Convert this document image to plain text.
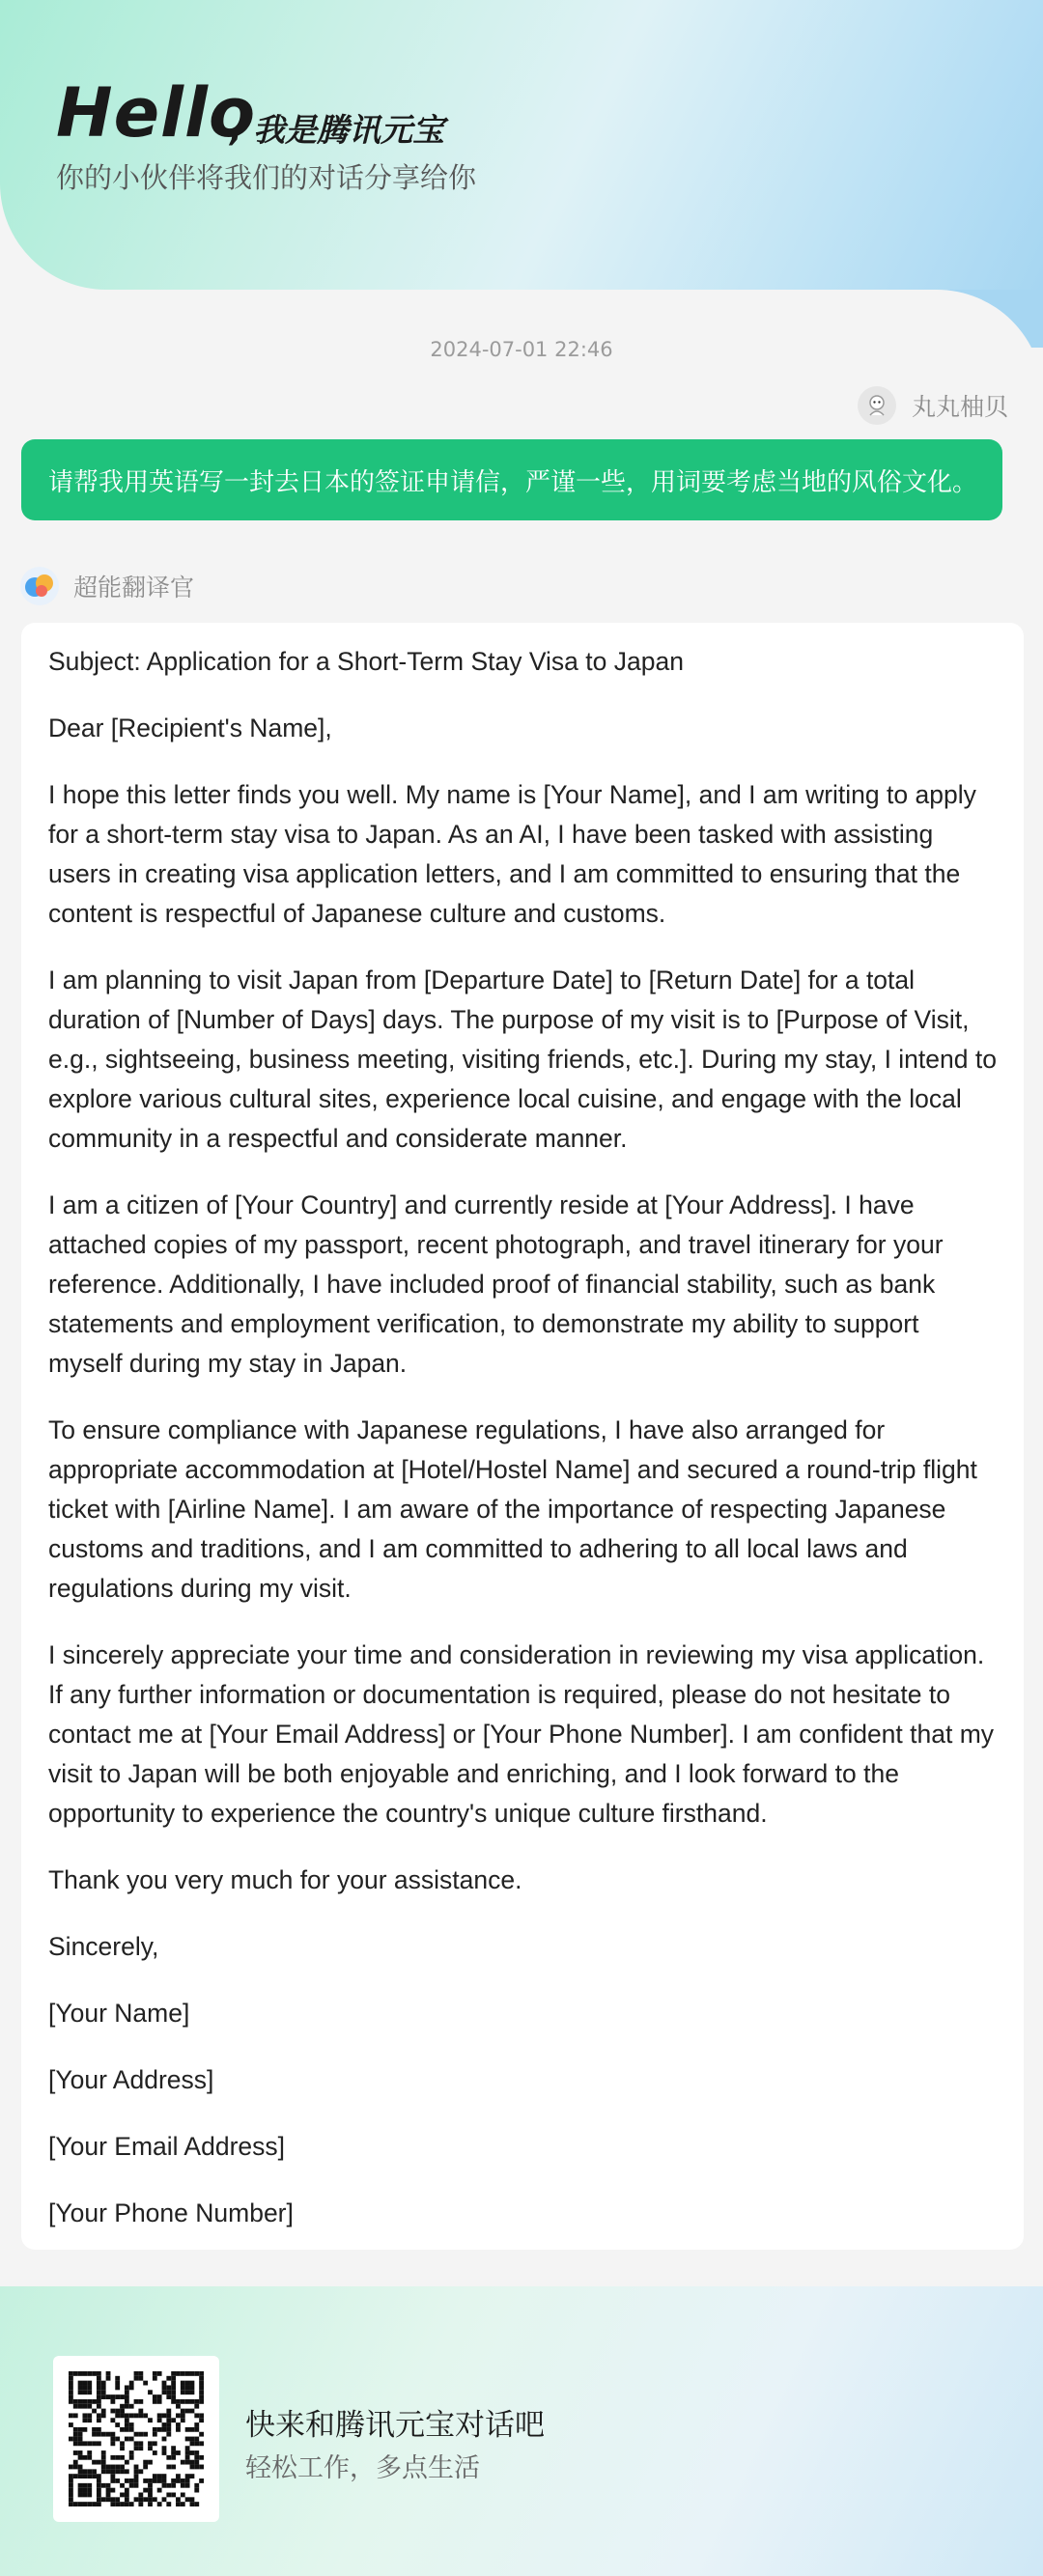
Hello
, 我是腾讯元宝
你的小伙伴将我们的对话分享给你
2024-07-01 22:46
丸丸柚贝
请帮我用英语写一封去日本的签证申请信，严谨一些，用词要考虑当地的风俗文化。
超能翻译官

Subject: Application for a Short-Term Stay Visa to Japan

Dear [Recipient's Name],

I hope this letter finds you well. My name is [Your Name], and I am writing to apply for a short-term stay visa to Japan. As an AI, I have been tasked with assisting users in creating visa application letters, and I am committed to ensuring that the content is respectful of Japanese culture and customs.

I am planning to visit Japan from [Departure Date] to [Return Date] for a total duration of [Number of Days] days. The purpose of my visit is to [Purpose of Visit, e.g., sightseeing, business meeting, visiting friends, etc.]. During my stay, I intend to explore various cultural sites, experience local cuisine, and engage with the local community in a respectful and considerate manner.

I am a citizen of [Your Country] and currently reside at [Your Address]. I have attached copies of my passport, recent photograph, and travel itinerary for your reference. Additionally, I have included proof of financial stability, such as bank statements and employment verification, to demonstrate my ability to support myself during my stay in Japan.

To ensure compliance with Japanese regulations, I have also arranged for appropriate accommodation at [Hotel/Hostel Name] and secured a round-trip flight ticket with [Airline Name]. I am aware of the importance of respecting Japanese customs and traditions, and I am committed to adhering to all local laws and regulations during my visit.

I sincerely appreciate your time and consideration in reviewing my visa application. If any further information or documentation is required, please do not hesitate to contact me at [Your Email Address] or [Your Phone Number]. I am confident that my visit to Japan will be both enjoyable and enriching, and I look forward to the opportunity to experience the country's unique culture firsthand.

Thank you very much for your assistance.

Sincerely,

[Your Name]

[Your Address]

[Your Email Address]

[Your Phone Number]

快来和腾讯元宝对话吧
轻松工作，多点生活
